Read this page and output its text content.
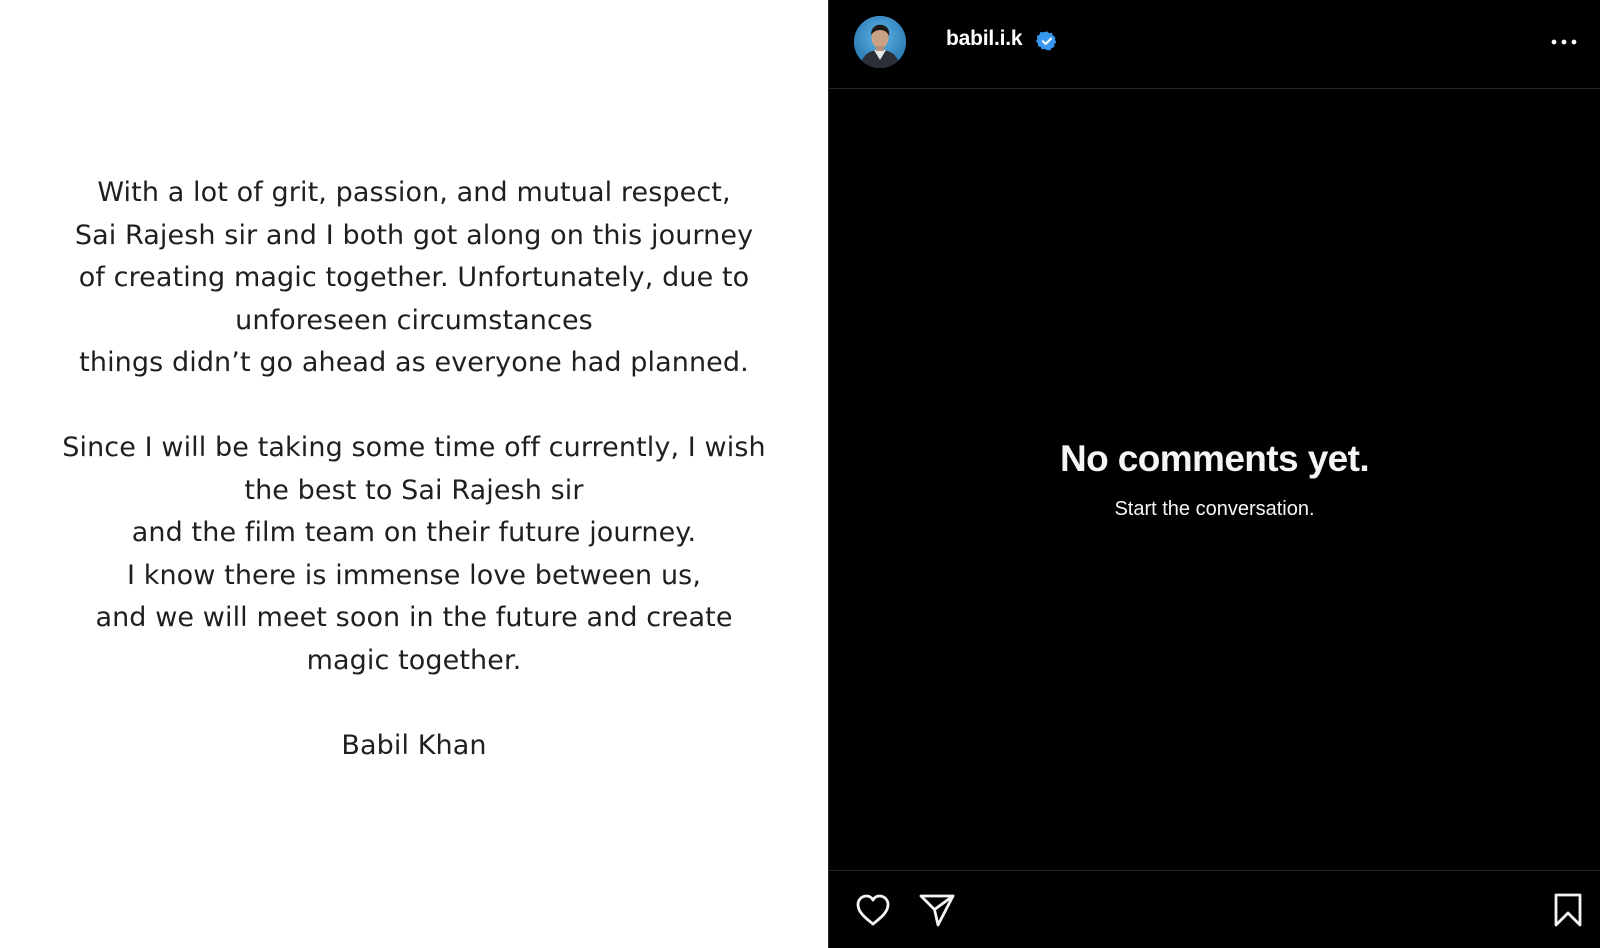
With a lot of grit, passion, and mutual respect,
Sai Rajesh sir and I both got along on this journey
of creating magic together. Unfortunately, due to
unforeseen circumstances
things didn’t go ahead as everyone had planned.
Since I will be taking some time off currently, I wish
the best to Sai Rajesh sir
and the film team on their future journey.
I know there is immense love between us,
and we will meet soon in the future and create
magic together.
Babil Khan
babil.i.k
No comments yet.
Start the conversation.
